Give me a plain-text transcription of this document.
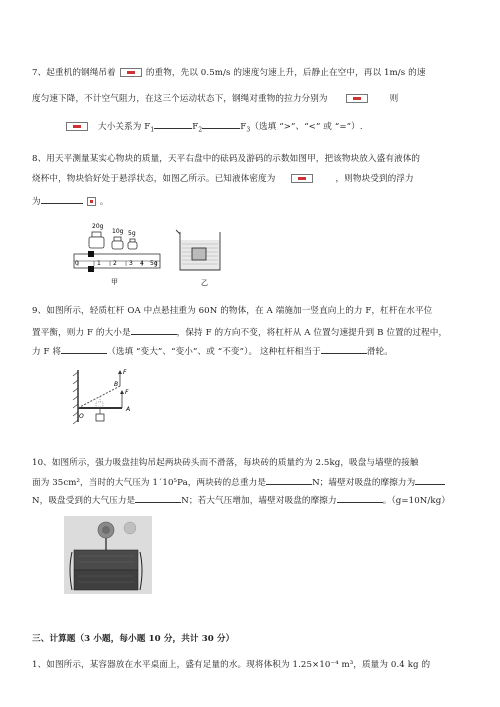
7、起重机的钢绳吊着	的重物，先以 0.5m/s 的速度匀速上升，后静止在空中，再以 1m/s 的速
度匀速下降，不计空气阻力，在这三个运动状态下，钢绳对重物的拉力分别为	则
大小关系为 $F_1$	$F_2$	$F_3$（选填 “>”、“<” 或 “=”）.
8、用天平测量某实心物块的质量，天平右盘中的砝码及游码的示数如图甲，把该物块放入盛有液体的
烧杯中，物块恰好处于悬浮状态，如图乙所示。已知液体密度为	，则物块受到的浮力
为	。
20g
10g 5g
0	1 2 3 4 5g
甲	乙
9、如图所示，轻质杠杆 OA 中点悬挂重为 60N 的物体，在 A 端施加一竖直向上的力 F，杠杆在水平位
置平衡，则力 F 的大小是	，保持 F 的方向不变，将杠杆从 A 位置匀速提升到 B 位置的过程中，
力 F 将	（选填 “变大”、“变小”、或 “不变”）。 这种杠杆相当于	滑轮。
O
A
B
F
F
10、如图所示，强力吸盘挂钩吊起两块砖头而不滑落，每块砖的质量约为 2.5kg，吸盘与墙壁的接触
面为 35cm²，当时的大气压为 1´10⁵Pa，两块砖的总重力是	N；墙壁对吸盘的摩擦力为
N，吸盘受到的大气压力是	N；若大气压增加，墙壁对吸盘的摩擦力	。（g=10N/kg）
三、计算题（3 小题，每小题 10 分，共计 30 分）
1、如图所示，某容器放在水平桌面上，盛有足量的水。现将体积为 1.25×10⁻⁴ m³，质量为 0.4 kg 的
